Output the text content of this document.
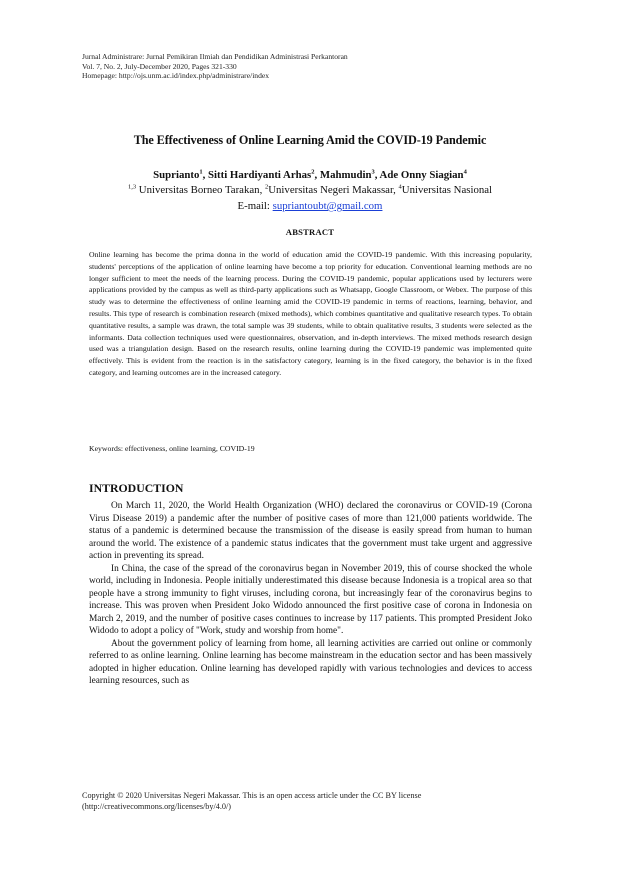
Jurnal Administrare: Jurnal Pemikiran Ilmiah dan Pendidikan Administrasi Perkantoran
Vol. 7, No. 2, July-December 2020, Pages 321-330
Homepage: http://ojs.unm.ac.id/index.php/administrare/index
The Effectiveness of Online Learning Amid the COVID-19 Pandemic
Suprianto$^1$, Sitti Hardiyanti Arhas$^2$, Mahmudin$^3$, Ade Onny Siagian$^4$
$^{1,3}$ Universitas Borneo Tarakan, $^2$Universitas Negeri Makassar, $^4$Universitas Nasional
E-mail: supriantoubt@gmail.com
ABSTRACT
Online learning has become the prima donna in the world of education amid the COVID-19 pandemic. With this increasing popularity, students' perceptions of the application of online learning have become a top priority for education. Conventional learning methods are no longer sufficient to meet the needs of the learning process. During the COVID-19 pandemic, popular applications used by lecturers were applications provided by the campus as well as third-party applications such as Whatsapp, Google Classroom, or Webex. The purpose of this study was to determine the effectiveness of online learning amid the COVID-19 pandemic in terms of reactions, learning, behavior, and results. This type of research is combination research (mixed methods), which combines quantitative and qualitative research types. To obtain quantitative results, a sample was drawn, the total sample was 39 students, while to obtain qualitative results, 3 students were selected as the informants. Data collection techniques used were questionnaires, observation, and in-depth interviews. The mixed methods research design used was a triangulation design. Based on the research results, online learning during the COVID-19 pandemic was implemented quite effectively. This is evident from the reaction is in the satisfactory category, learning is in the fixed category, the behavior is in the fixed category, and learning outcomes are in the increased category.
Keywords: effectiveness, online learning, COVID-19
INTRODUCTION

On March 11, 2020, the World Health Organization (WHO) declared the coronavirus or COVID-19 (Corona Virus Disease 2019) a pandemic after the number of positive cases of more than 121,000 patients worldwide. The status of a pandemic is determined because the transmission of the disease is easily spread from human to human around the world. The existence of a pandemic status indicates that the government must take urgent and aggressive action in preventing its spread.

In China, the case of the spread of the coronavirus began in November 2019, this of course shocked the whole world, including in Indonesia. People initially underestimated this disease because Indonesia is a tropical area so that people have a strong immunity to fight viruses, including corona, but increasingly fear of the coronavirus begins to increase. This was proven when President Joko Widodo announced the first positive case of corona in Indonesia on March 2, 2019, and the number of positive cases continues to increase by 117 patients. This prompted President Joko Widodo to adopt a policy of "Work, study and worship from home".

About the government policy of learning from home, all learning activities are carried out online or commonly referred to as online learning. Online learning has become mainstream in the education sector and has been massively adopted in higher education. Online learning has developed rapidly with various technologies and devices to access learning resources, such as

Copyright © 2020 Universitas Negeri Makassar. This is an open access article under the CC BY license
(http://creativecommons.org/licenses/by/4.0/)
